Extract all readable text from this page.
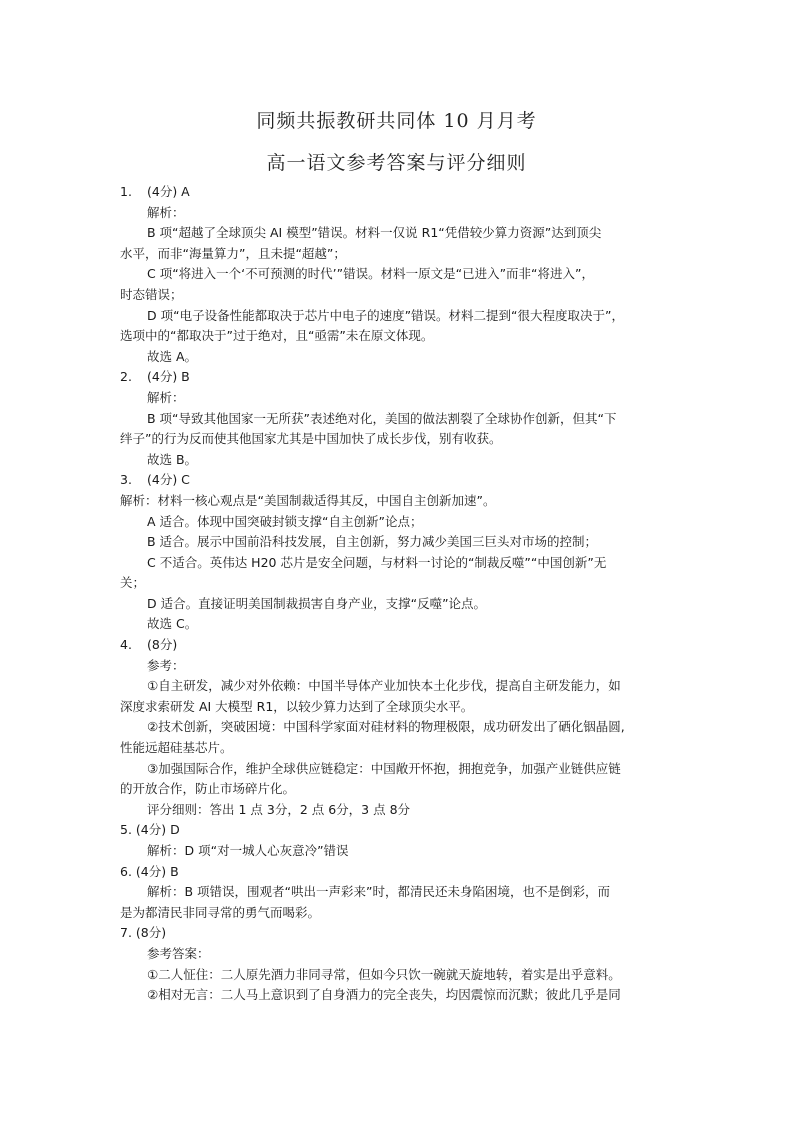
同频共振教研共同体 10 月月考
高一语文参考答案与评分细则
1. (4分) A
解析：
B 项“超越了全球顶尖 AI 模型”错误。材料一仅说 R1“凭借较少算力资源”达到顶尖
水平，而非“海量算力”，且未提“超越”；
C 项“将进入一个‘不可预测的时代’”错误。材料一原文是“已进入”而非“将进入”，
时态错误；
D 项“电子设备性能都取决于芯片中电子的速度”错误。材料二提到“很大程度取决于”，
选项中的“都取决于”过于绝对，且“亟需”未在原文体现。
故选 A。
2. (4分) B
解析：
B 项“导致其他国家一无所获”表述绝对化，美国的做法割裂了全球协作创新，但其“下
绊子”的行为反而使其他国家尤其是中国加快了成长步伐，别有收获。
故选 B。
3. (4分) C
解析：材料一核心观点是“美国制裁适得其反，中国自主创新加速”。
A 适合。体现中国突破封锁支撑“自主创新”论点；
B 适合。展示中国前沿科技发展，自主创新，努力减少美国三巨头对市场的控制；
C 不适合。英伟达 H20 芯片是安全问题，与材料一讨论的“制裁反噬”“中国创新”无
关；
D 适合。直接证明美国制裁损害自身产业，支撑“反噬”论点。
故选 C。
4. (8分)
参考：
①自主研发，减少对外依赖：中国半导体产业加快本土化步伐，提高自主研发能力，如
深度求索研发 AI 大模型 R1，以较少算力达到了全球顶尖水平。
②技术创新，突破困境：中国科学家面对硅材料的物理极限，成功研发出了硒化铟晶圆,
性能远超硅基芯片。
③加强国际合作，维护全球供应链稳定：中国敞开怀抱，拥抱竞争，加强产业链供应链
的开放合作，防止市场碎片化。
评分细则：答出 1 点 3分，2 点 6分，3 点 8分
5. (4分) D
解析：D 项“对一城人心灰意冷”错误
6. (4分) B
解析：B 项错误，围观者“哄出一声彩来”时，都清民还未身陷困境，也不是倒彩，而
是为都清民非同寻常的勇气而喝彩。
7. (8分)
参考答案：
①二人怔住：二人原先酒力非同寻常，但如今只饮一碗就天旋地转，着实是出乎意料。
②相对无言：二人马上意识到了自身酒力的完全丧失，均因震惊而沉默；彼此几乎是同
